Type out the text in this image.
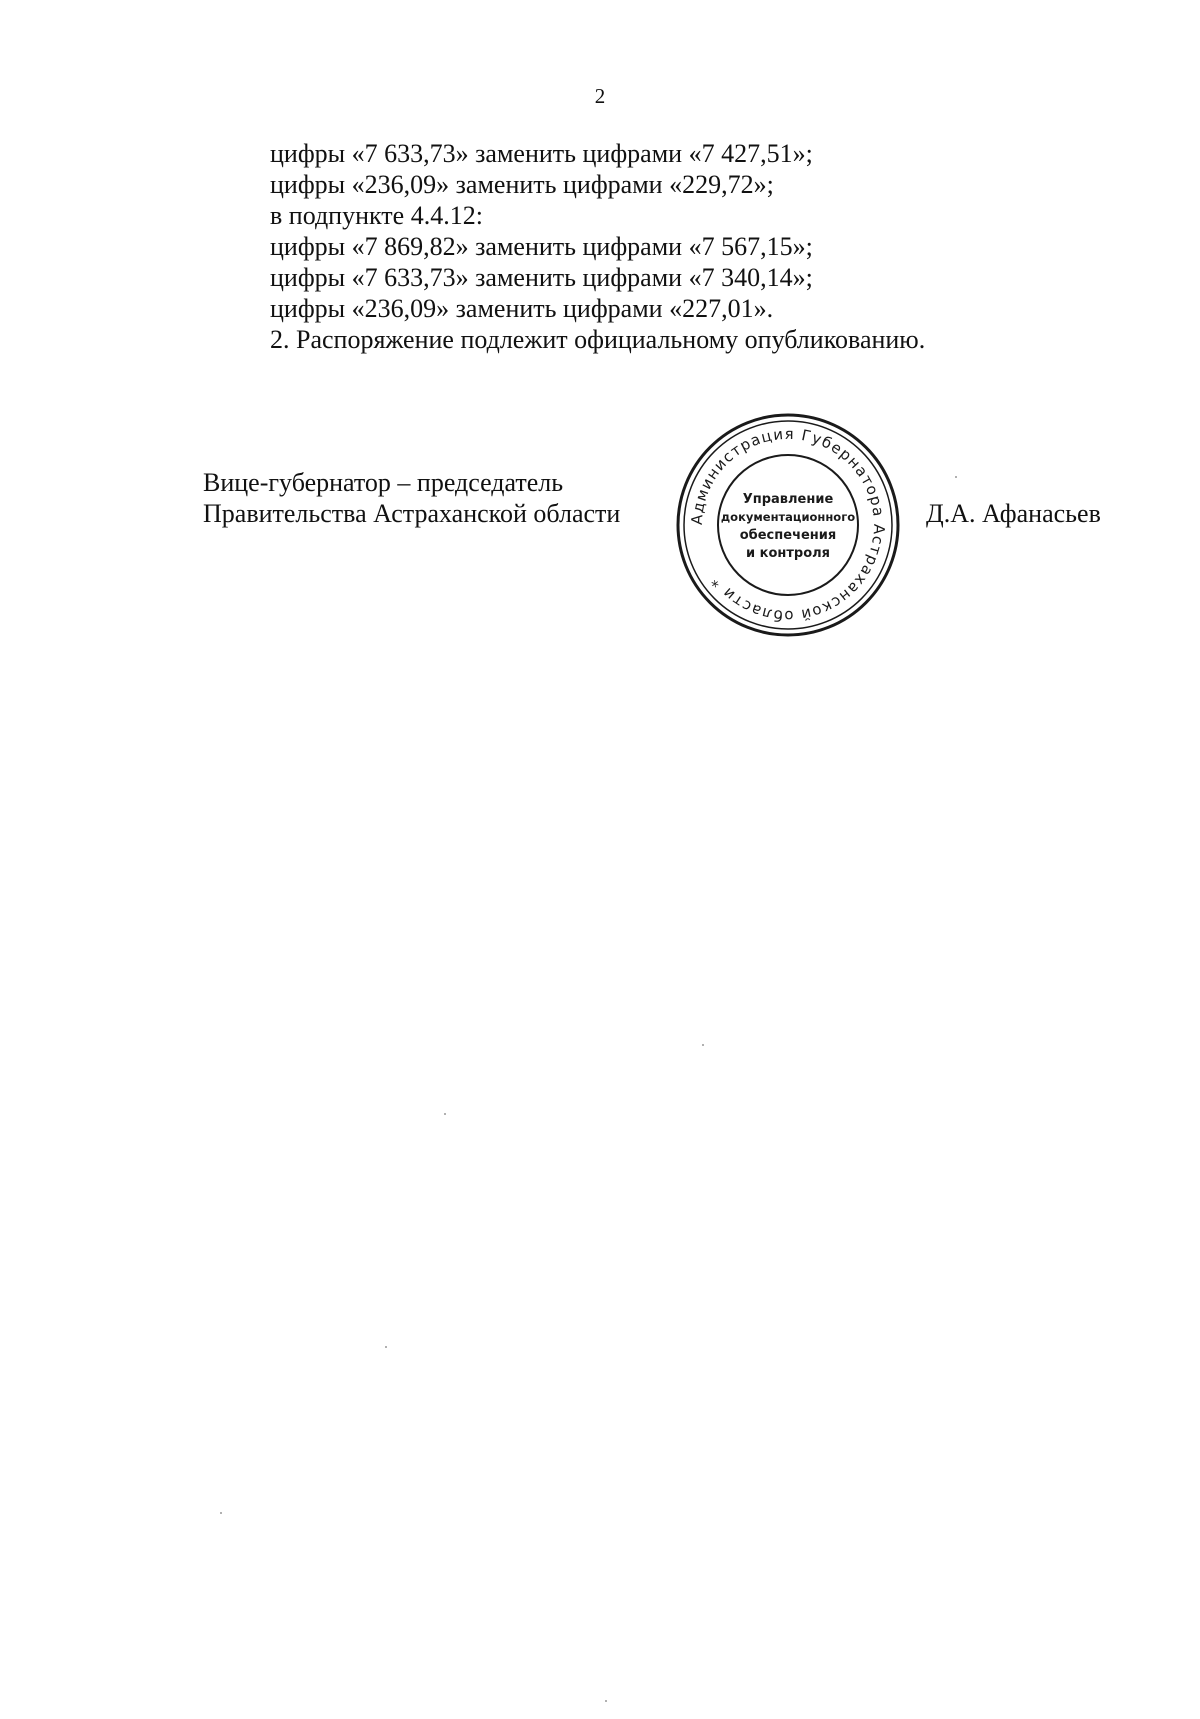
2
цифры «7 633,73» заменить цифрами «7 427,51»;
цифры «236,09» заменить цифрами «229,72»;
в подпункте 4.4.12:
цифры «7 869,82» заменить цифрами «7 567,15»;
цифры «7 633,73» заменить цифрами «7 340,14»;
цифры «236,09» заменить цифрами «227,01».
2. Распоряжение подлежит официальному опубликованию.
Вице-губернатор – председатель
Правительства Астраханской области	Администрация Губернатора Астраханской области *
Управление
документационного
обеспечения
и контроля
Д.А. Афанасьев
